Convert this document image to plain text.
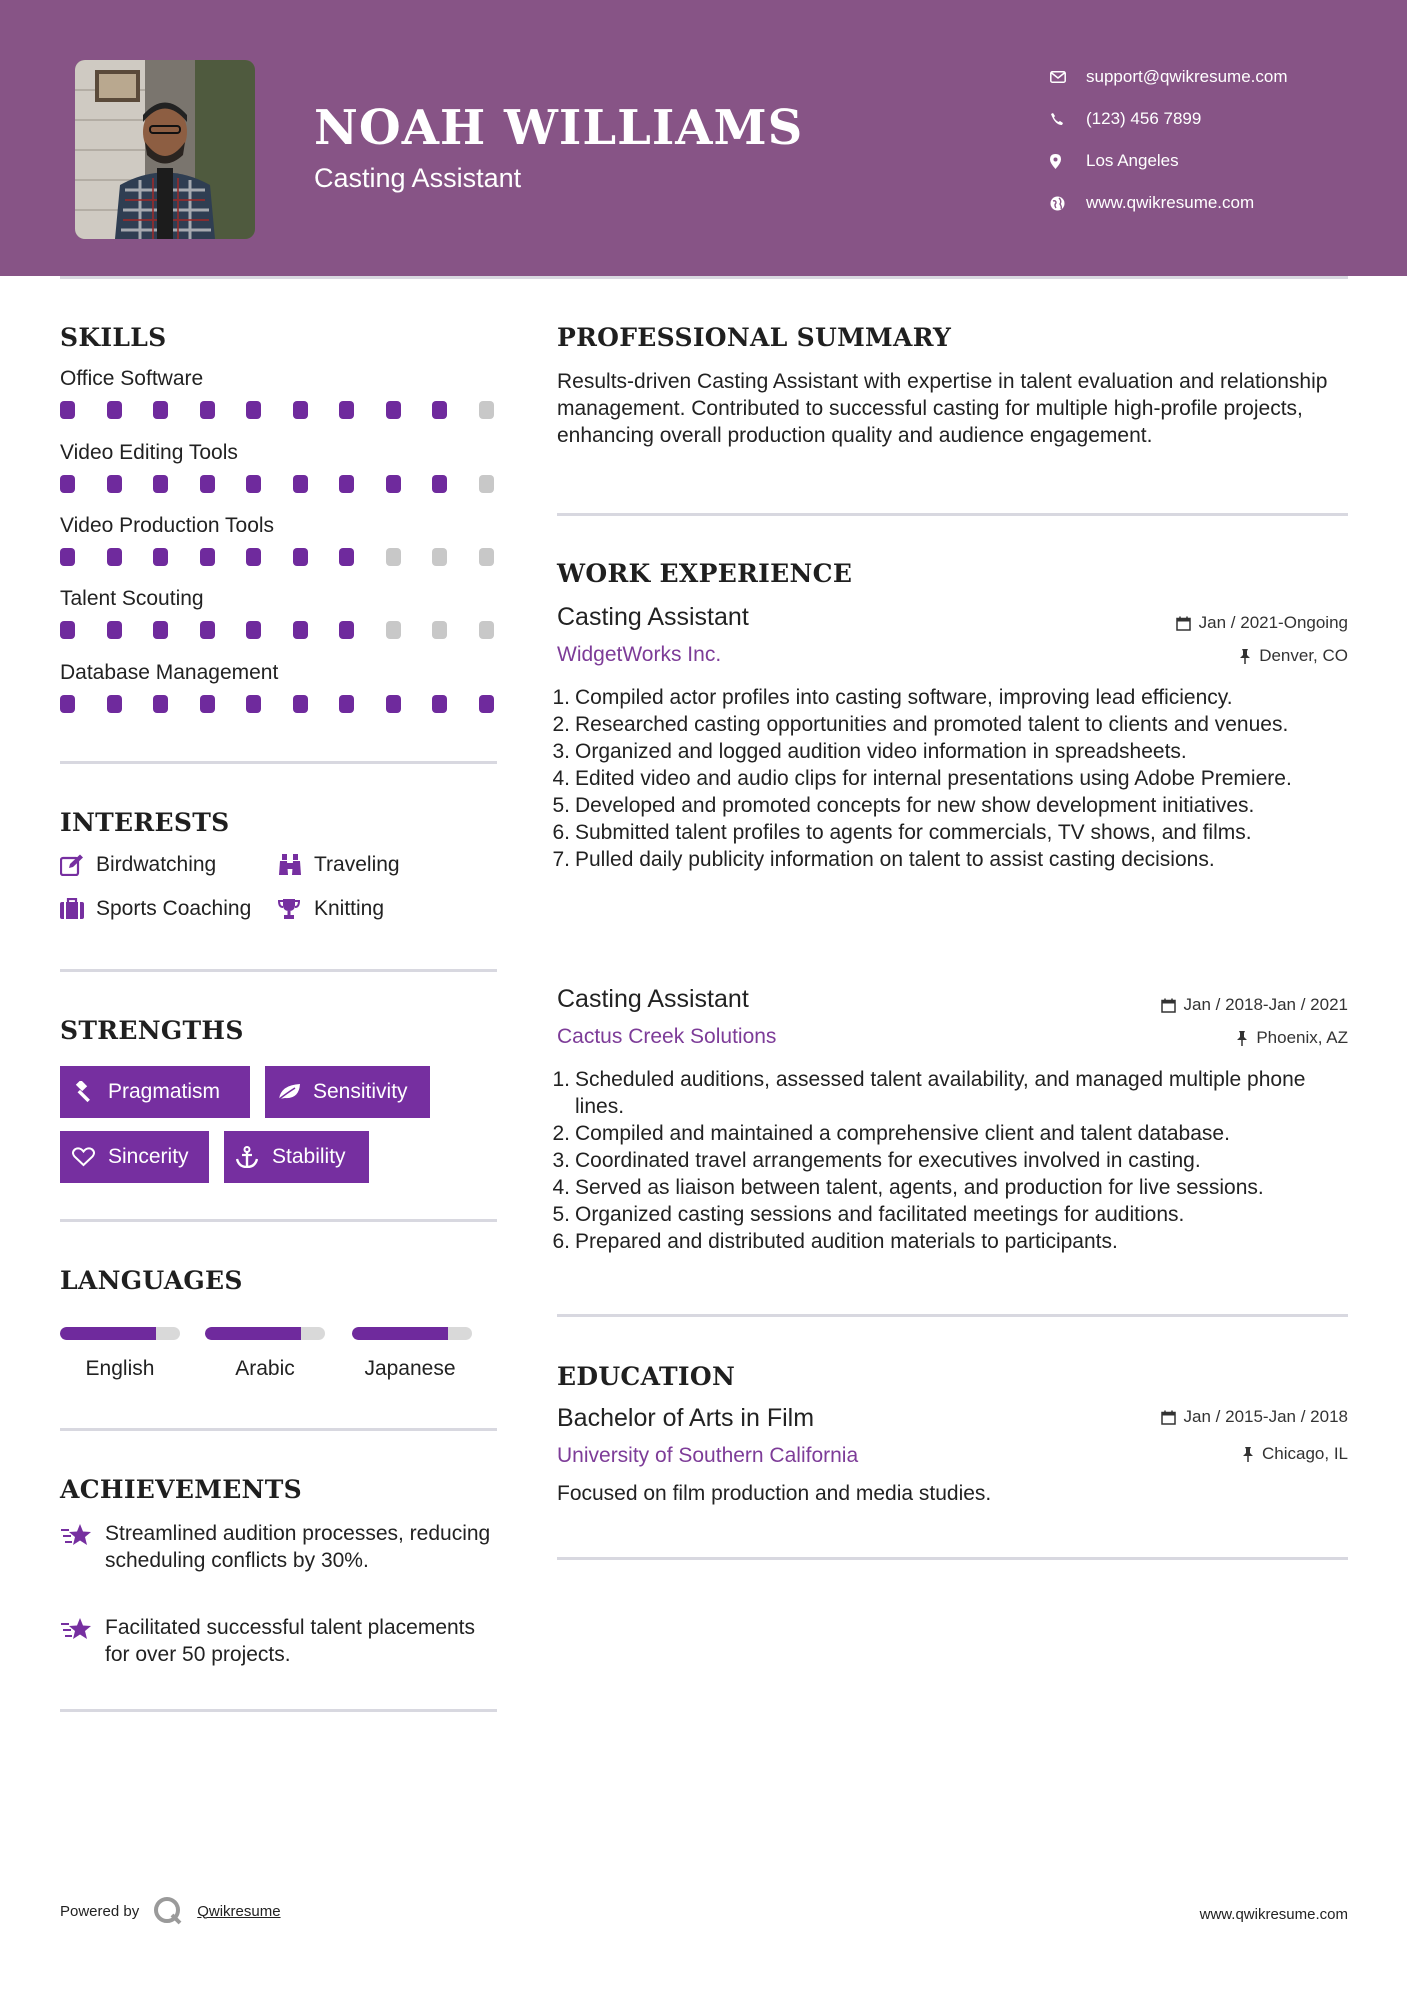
NOAH WILLIAMS
Casting Assistant
support@qwikresume.com
(123) 456 7899
Los Angeles
www.qwikresume.com
SKILLS
Office Software
Video Editing Tools
Video Production Tools
Talent Scouting
Database Management
INTERESTS
Birdwatching	Traveling
Sports Coaching	Knitting
STRENGTHS
Pragmatism	Sensitivity
Sincerity	Stability
LANGUAGES
English	Arabic	Japanese
ACHIEVEMENTS
Streamlined audition processes, reducing scheduling conflicts by 30%.
Facilitated successful talent placements for over 50 projects.
PROFESSIONAL SUMMARY
Results-driven Casting Assistant with expertise in talent evaluation and relationship management. Contributed to successful casting for multiple high-profile projects, enhancing overall production quality and audience engagement.
WORK EXPERIENCE
Casting Assistant	Jan / 2021-Ongoing
WidgetWorks Inc.	Denver, CO
1. Compiled actor profiles into casting software, improving lead efficiency.
2. Researched casting opportunities and promoted talent to clients and venues.
3. Organized and logged audition video information in spreadsheets.
4. Edited video and audio clips for internal presentations using Adobe Premiere.
5. Developed and promoted concepts for new show development initiatives.
6. Submitted talent profiles to agents for commercials, TV shows, and films.
7. Pulled daily publicity information on talent to assist casting decisions.
Casting Assistant	Jan / 2018-Jan / 2021
Cactus Creek Solutions	Phoenix, AZ
1. Scheduled auditions, assessed talent availability, and managed multiple phone lines.
2. Compiled and maintained a comprehensive client and talent database.
3. Coordinated travel arrangements for executives involved in casting.
4. Served as liaison between talent, agents, and production for live sessions.
5. Organized casting sessions and facilitated meetings for auditions.
6. Prepared and distributed audition materials to participants.
EDUCATION
Bachelor of Arts in Film	Jan / 2015-Jan / 2018
University of Southern California	Chicago, IL
Focused on film production and media studies.
Powered by	Qwikresume	www.qwikresume.com
